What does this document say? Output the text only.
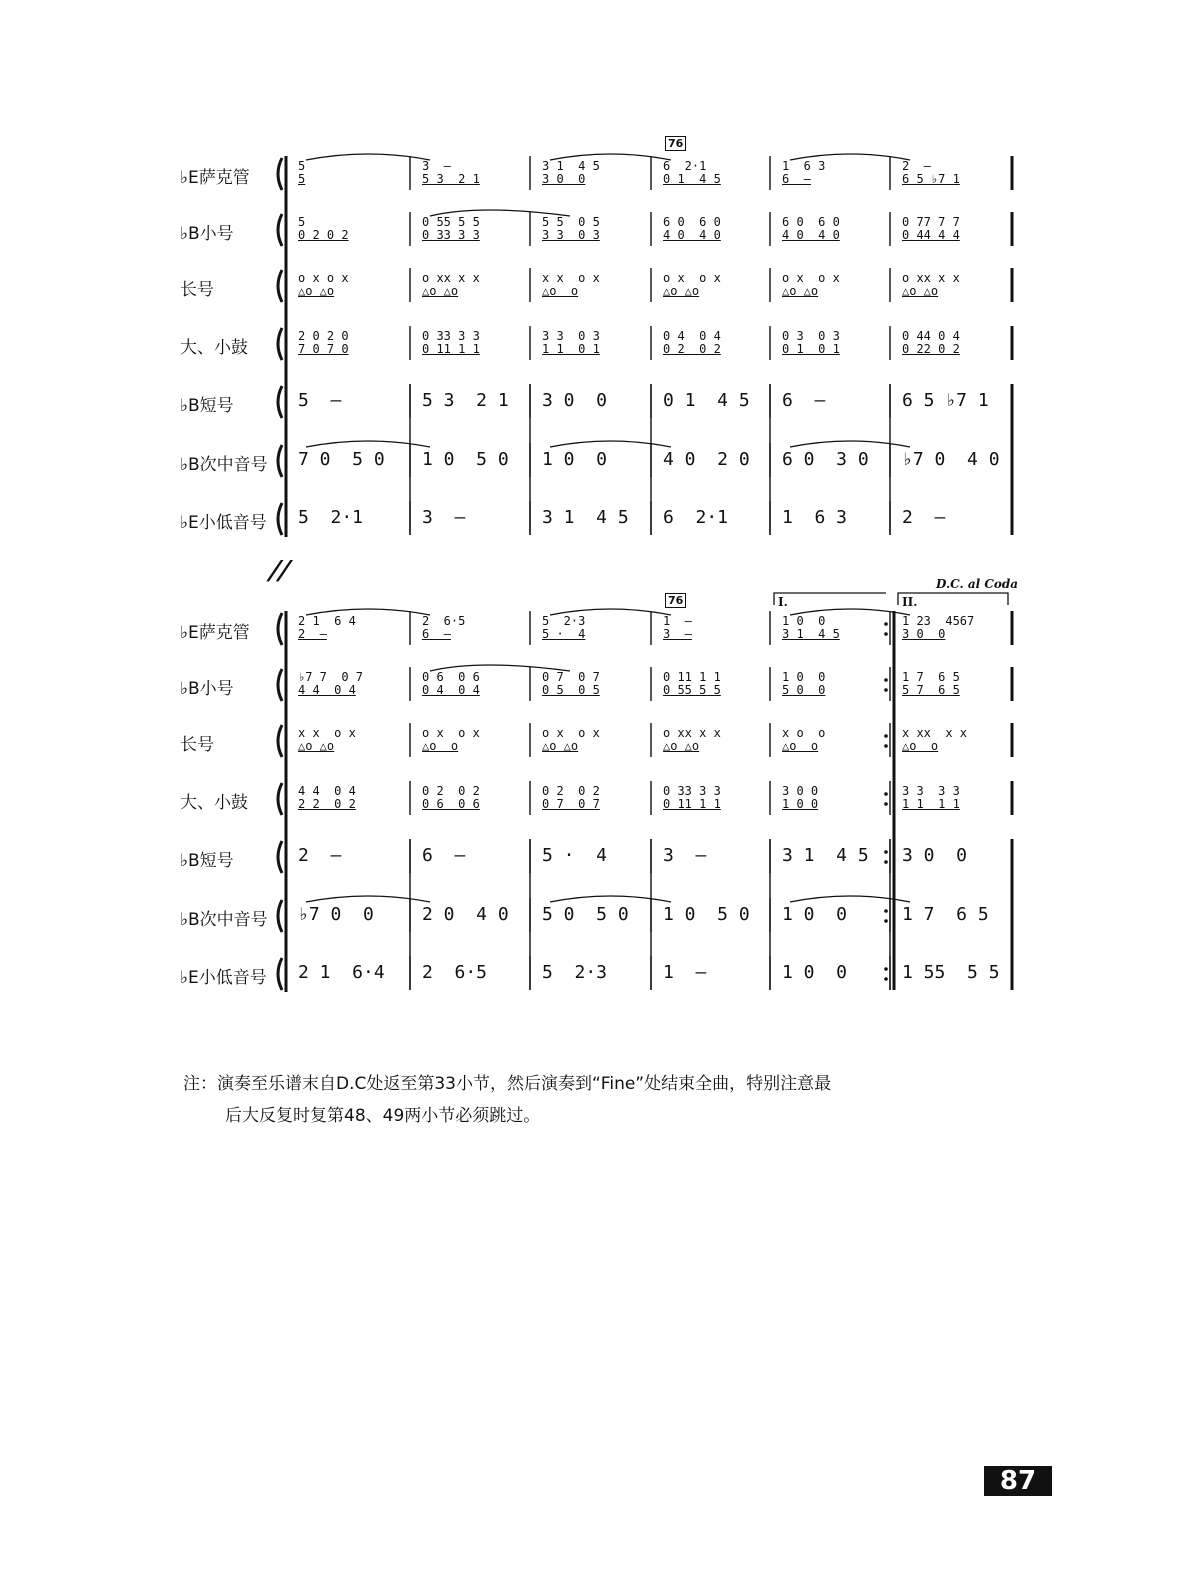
76
♭E萨克管
♭B小号
长号
大、小鼓
♭B短号
♭B次中音号
♭E小低音号
5
5
5
0 2 0 2
o x o x
△o △o
2 0 2 0
7 0 7 0
5  –
7 0  5 0
5  2·1
3  –
5 3  2 1
0 55 5 5
0 33 3 3
o xx x x
△o △o
0 33 3 3
0 11 1 1
5 3  2 1
1 0  5 0
3  –
3 1  4 5
3 0  0
5 5  0 5
3 3  0 3
x x  o x
△o  o
3 3  0 3
1 1  0 1
3 0  0
1 0  0
3 1  4 5
6  2·1
0 1  4 5
6 0  6 0
4 0  4 0
o x  o x
△o △o
0 4  0 4
0 2  0 2
0 1  4 5
4 0  2 0
6  2·1
1  6 3
6  –
6 0  6 0
4 0  4 0
o x  o x
△o △o
0 3  0 3
0 1  0 1
6  –
6 0  3 0
1  6 3
2  –
6 5 ♭7 1
0 77 7 7
0 44 4 4
o xx x x
△o △o
0 44 0 4
0 22 0 2
6 5 ♭7 1
♭7 0  4 0
2  –
//
76	I.	II.
D.C. al Coda
♭E萨克管
♭B小号
长号
大、小鼓
♭B短号
♭B次中音号
♭E小低音号
2 1  6 4
2  –
♭7 7  0 7
4 4  0 4
x x  o x
△o △o
4 4  0 4
2 2  0 2
2  –
♭7 0  0
2 1  6·4
2  6·5
6  –
0 6  0 6
0 4  0 4
o x  o x
△o  o
0 2  0 2
0 6  0 6
6  –
2 0  4 0
2  6·5
5  2·3
5 ·  4
0 7  0 7
0 5  0 5
o x  o x
△o △o
0 2  0 2
0 7  0 7
5 ·  4
5 0  5 0
5  2·3
1  –
3  –
0 11 1 1
0 55 5 5
o xx x x
△o △o
0 33 3 3
0 11 1 1
3  –
1 0  5 0
1  –
1 0  0
3 1  4 5
1 0  0
5 0  0
x o  o
△o  o
3 0 0
1 0 0
3 1  4 5
1 0  0
1 0  0
1 23  4567
3 0  0
1 7  6 5
5 7  6 5
x xx  x x
△o  o
3 3  3 3
1 1  1 1
3 0  0
1 7  6 5
1 55  5 5
注：演奏至乐谱末自D.C处返至第33小节，然后演奏到“Fine”处结束全曲，特别注意最
后大反复时复第48、49两小节必须跳过。
87
